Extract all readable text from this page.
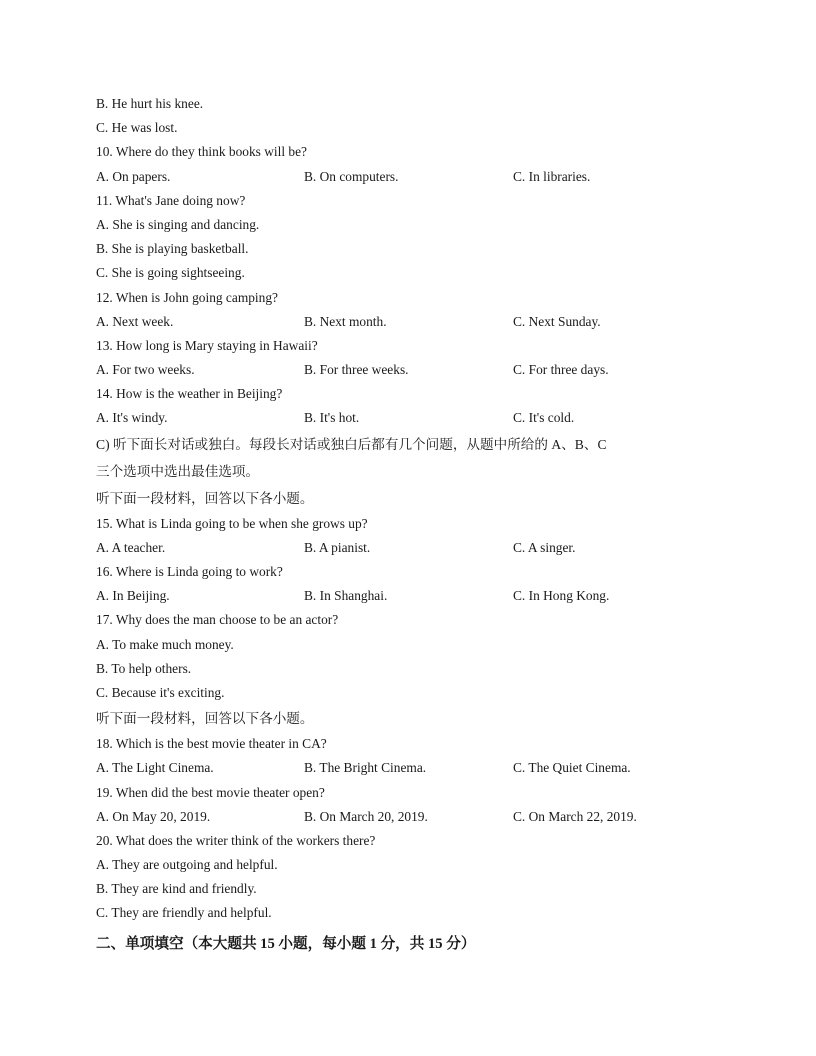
B. He hurt his knee.
C. He was lost.
10. Where do they think books will be?
A. On papers.	B. On computers.	C. In libraries.
11. What's Jane doing now?
A. She is singing and dancing.
B. She is playing basketball.
C. She is going sightseeing.
12. When is John going camping?
A. Next week.	B. Next month.	C. Next Sunday.
13. How long is Mary staying in Hawaii?
A. For two weeks.	B. For three weeks.	C. For three days.
14. How is the weather in Beijing?
A. It's windy.	B. It's hot.	C. It's cold.
C) 听下面长对话或独白。每段长对话或独白后都有几个问题，从题中所给的 A、B、C
三个选项中选出最佳选项。
听下面一段材料，回答以下各小题。
15. What is Linda going to be when she grows up?
A. A teacher.	B. A pianist.	C. A singer.
16. Where is Linda going to work?
A. In Beijing.	B. In Shanghai.	C. In Hong Kong.
17. Why does the man choose to be an actor?
A. To make much money.
B. To help others.
C. Because it's exciting.
听下面一段材料，回答以下各小题。
18. Which is the best movie theater in CA?
A. The Light Cinema.	B. The Bright Cinema.	C. The Quiet Cinema.
19. When did the best movie theater open?
A. On May 20, 2019.	B. On March 20, 2019.	C. On March 22, 2019.
20. What does the writer think of the workers there?
A. They are outgoing and helpful.
B. They are kind and friendly.
C. They are friendly and helpful.
二、单项填空（本大题共 15 小题，每小题 1 分，共 15 分）
